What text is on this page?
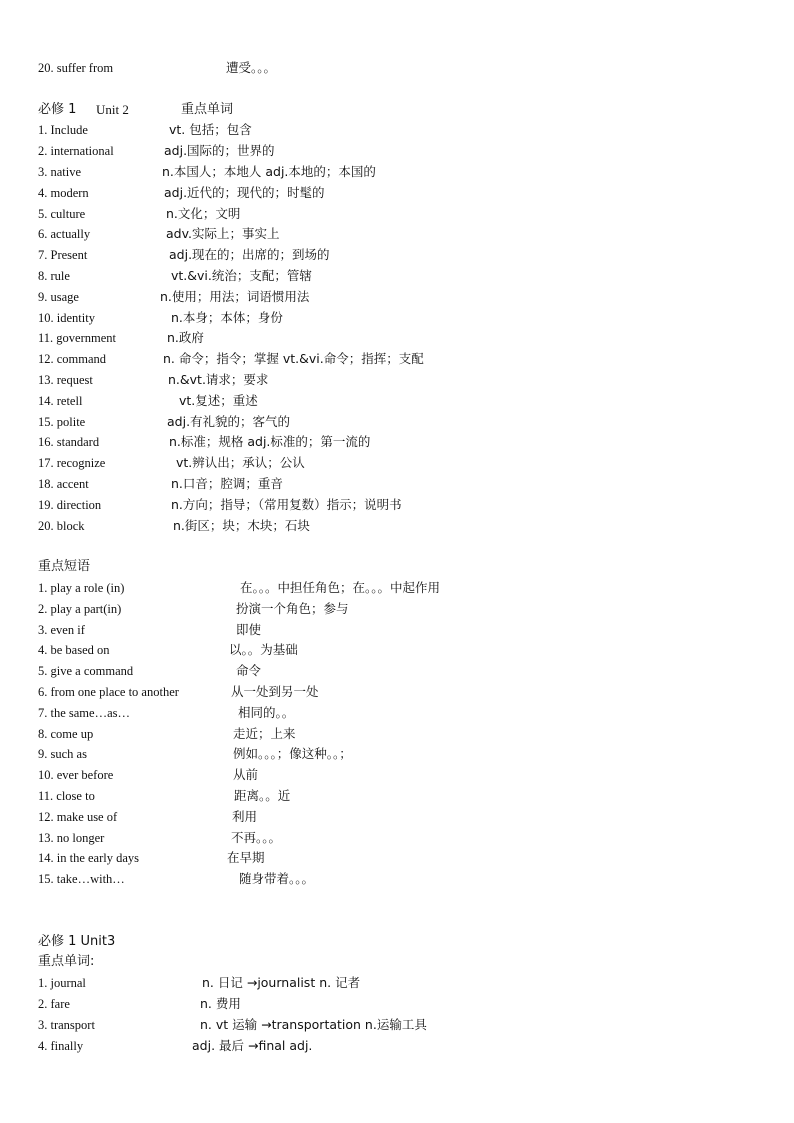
20. suffer from	遭受。。。
必修 1 Unit 2	重点单词
1. Include	vt. 包括；包含
2. international	adj.国际的；世界的
3. native	n.本国人；本地人 adj.本地的；本国的
4. modern	adj.近代的；现代的；时髦的
5. culture	n.文化；文明
6. actually	adv.实际上；事实上
7. Present	adj.现在的；出席的；到场的
8. rule	vt.&vi.统治；支配；管辖
9. usage	n.使用；用法；词语惯用法
10. identity	n.本身；本体；身份
11. government	n.政府
12. command	n. 命令；指令；掌握 vt.&vi.命令；指挥；支配
13. request	n.&vt.请求；要求
14. retell	vt.复述；重述
15. polite	adj.有礼貌的；客气的
16. standard	n.标准；规格 adj.标准的；第一流的
17. recognize	vt.辨认出；承认；公认
18. accent	n.口音；腔调；重音
19. direction	n.方向；指导；（常用复数）指示；说明书
20. block	n.街区；块；木块；石块
重点短语
1. play a role (in)	在。。。中担任角色；在。。。中起作用
2. play a part(in)	扮演一个角色；参与
3. even if	即使
4. be based on	以。。为基础
5. give a command	命令
6. from one place to another	从一处到另一处
7. the same…as…	相同的。。
8. come up	走近；上来
9. such as	例如。。。；像这种。。；
10. ever before	从前
11. close to	距离。。近
12. make use of	利用
13. no longer	不再。。。
14. in the early days	在早期
15. take…with…	随身带着。。。
必修 1 Unit3
重点单词:
1. journal	n. 日记 →journalist n. 记者
2. fare	n. 费用
3. transport	n. vt 运输 →transportation n.运输工具
4. finally	adj. 最后 →final adj.
